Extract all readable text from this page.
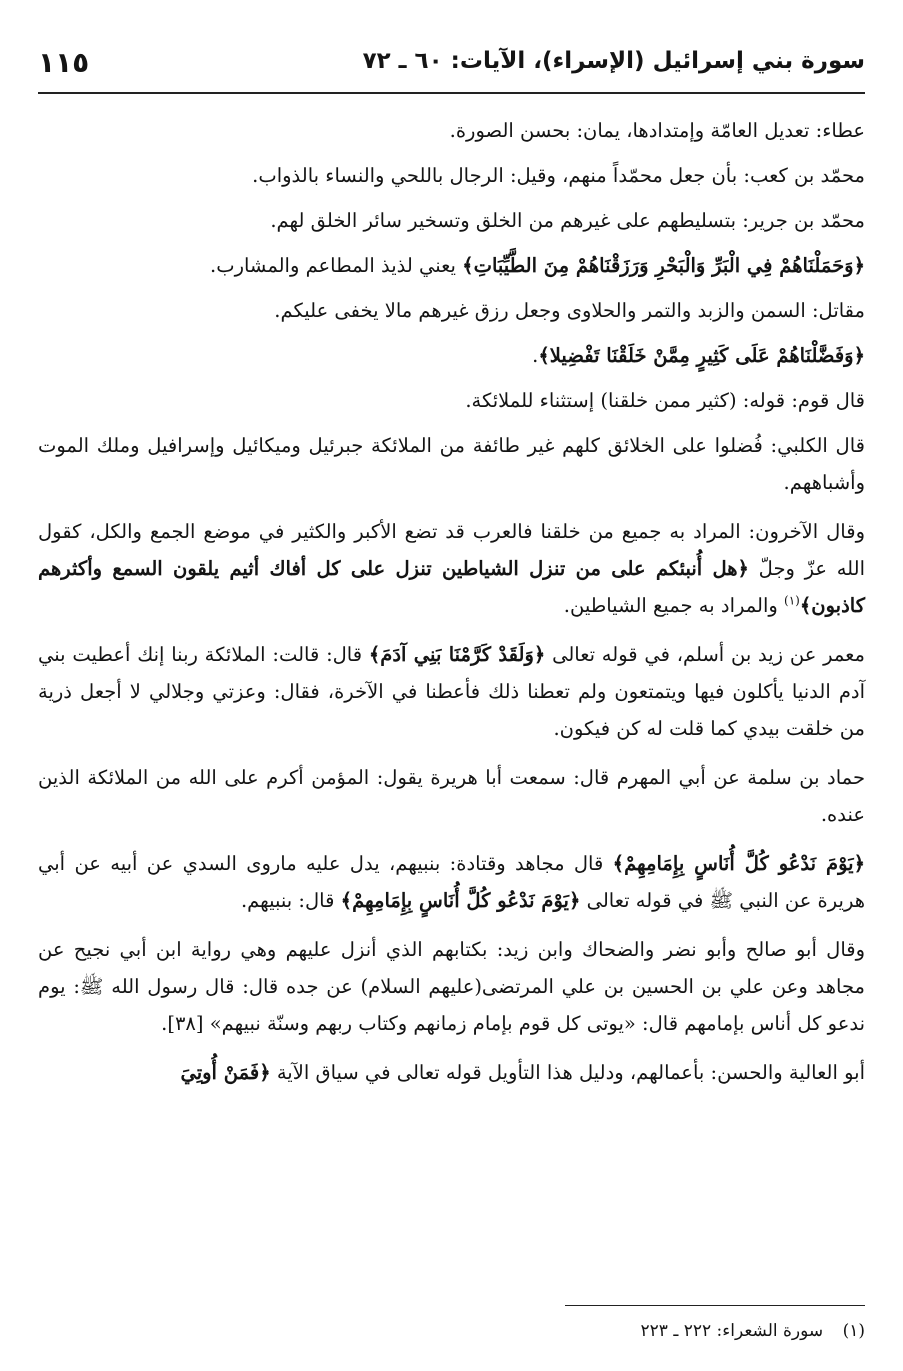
سورة بني إسرائيل (الإسراء)، الآيات: ٦٠ ـ ٧٢
١١٥

عطاء: تعديل العامّة وإمتدادها، يمان: بحسن الصورة.

محمّد بن كعب: بأن جعل محمّداً منهم، وقيل: الرجال باللحي والنساء بالذواب.

محمّد بن جرير: بتسليطهم على غيرهم من الخلق وتسخير سائر الخلق لهم.

﴿وَحَمَلْنَاهُمْ فِي الْبَرِّ وَالْبَحْرِ وَرَزَقْنَاهُمْ مِنَ الطَّيِّبَاتِ﴾ يعني لذيذ المطاعم والمشارب.

مقاتل: السمن والزبد والتمر والحلاوى وجعل رزق غيرهم مالا يخفى عليكم.

﴿وَفَضَّلْنَاهُمْ عَلَى كَثِيرٍ مِمَّنْ خَلَقْنَا تَفْضِيلا﴾.

قال قوم: قوله: (كثير ممن خلقنا) إستثناء للملائكة.

قال الكلبي: فُضلوا على الخلائق كلهم غير طائفة من الملائكة جبرئيل وميكائيل وإسرافيل وملك الموت وأشباههم.

وقال الآخرون: المراد به جميع من خلقنا فالعرب قد تضع الأكبر والكثير في موضع الجمع والكل، كقول الله عزّ وجلّ ﴿هل أُنبئكم على من تنزل الشياطين تنزل على كل أفاك أثيم يلقون السمع وأكثرهم كاذبون﴾$^{(١)}$ والمراد به جميع الشياطين.

معمر عن زيد بن أسلم، في قوله تعالى ﴿وَلَقَدْ كَرَّمْنَا بَنِي آدَمَ﴾ قال: قالت: الملائكة ربنا إنك أعطيت بني آدم الدنيا يأكلون فيها ويتمتعون ولم تعطنا ذلك فأعطنا في الآخرة، فقال: وعزتي وجلالي لا أجعل ذرية من خلقت بيدي كما قلت له كن فيكون.

حماد بن سلمة عن أبي المهرم قال: سمعت أبا هريرة يقول: المؤمن أكرم على الله من الملائكة الذين عنده.

﴿يَوْمَ نَدْعُو كُلَّ أُنَاسٍ بِإِمَامِهِمْ﴾ قال مجاهد وقتادة: بنبيهم، يدل عليه ماروى السدي عن أبيه عن أبي هريرة عن النبي ﷺ في قوله تعالى ﴿يَوْمَ نَدْعُو كُلَّ أُنَاسٍ بِإِمَامِهِمْ﴾ قال: بنبيهم.

وقال أبو صالح وأبو نضر والضحاك وابن زيد: بكتابهم الذي أنزل عليهم وهي رواية ابن أبي نجيح عن مجاهد وعن علي بن الحسين بن علي المرتضى(عليهم السلام) عن جده قال: قال رسول الله ﷺ: يوم ندعو كل أناس بإمامهم قال: «يوتى كل قوم بإمام زمانهم وكتاب ربهم وسنّة نبيهم» [٣٨].

أبو العالية والحسن: بأعمالهم، ودليل هذا التأويل قوله تعالى في سياق الآية ﴿فَمَنْ أُوتِيَ

(١) سورة الشعراء: ٢٢٢ ـ ٢٢٣
